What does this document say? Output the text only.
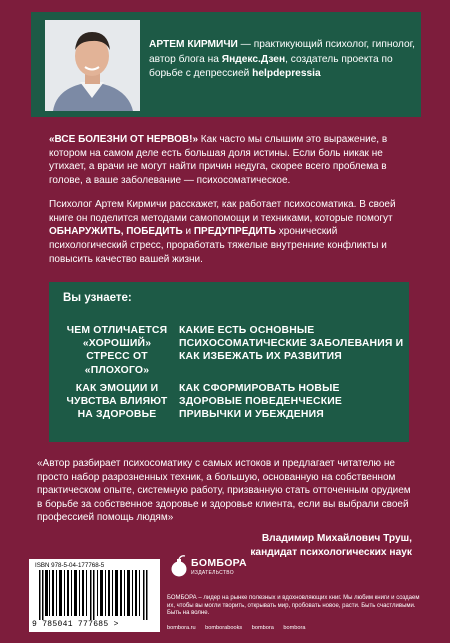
АРТЕМ КИРМИЧИ — практикующий психолог, гипнолог, автор блога на Яндекс.Дзен, создатель проекта по борьбе с депрессией helpdepressia

«ВСЕ БОЛЕЗНИ ОТ НЕРВОВ!» Как часто мы слышим это выражение, в котором на самом деле есть большая доля истины. Если боль никак не утихает, а врачи не могут найти причин недуга, скорее всего проблема в голове, а ваше заболевание — психосоматическое.

Психолог Артем Кирмичи расскажет, как работает психосоматика. В своей книге он поделится методами самопомощи и техниками, которые помогут ОБНАРУЖИТЬ, ПОБЕДИТЬ и ПРЕДУПРЕДИТЬ хронический психологический стресс, проработать тяжелые внутренние конфликты и повысить качество вашей жизни.

Вы узнаете:
ЧЕМ ОТЛИЧАЕТСЯ «ХОРОШИЙ» СТРЕСС ОТ «ПЛОХОГО»
КАКИЕ ЕСТЬ ОСНОВНЫЕ ПСИХОСОМАТИЧЕСКИЕ ЗАБОЛЕВАНИЯ И КАК ИЗБЕЖАТЬ ИХ РАЗВИТИЯ
КАК ЭМОЦИИ И ЧУВСТВА ВЛИЯЮТ НА ЗДОРОВЬЕ
КАК СФОРМИРОВАТЬ НОВЫЕ ЗДОРОВЫЕ ПОВЕДЕНЧЕСКИЕ ПРИВЫЧКИ И УБЕЖДЕНИЯ
«Автор разбирает психосоматику с самых истоков и предлагает читателю не просто набор разрозненных техник, а большую, основанную на собственном практическом опыте, системную работу, призванную стать отточенным орудием в борьбе за собственное здоровье и здоровье клиента, если вы выбрали своей профессией помощь людям»
Владимир Михайлович Труш,
кандидат психологических наук
ISBN 978-5-04-177768-5
9 785041 777685 >
БОМБОРА
ИЗДАТЕЛЬСТВО
БОМБОРА – лидер на рынке полезных и вдохновляющих книг. Мы любим книги и создаем их, чтобы вы могли творить, открывать мир, пробовать новое, расти. Быть счастливыми. Быть на волне.
bombora.ru bomborabooks bombora bombora
